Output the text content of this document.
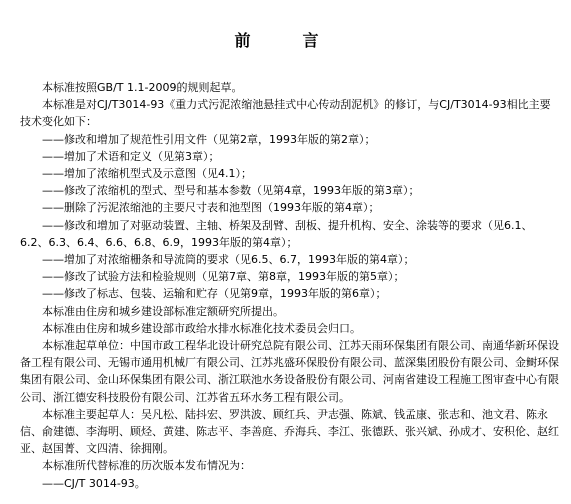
前　言

本标准按照GB/T 1.1-2009的规则起草。

本标准是对CJ/T3014-93《重力式污泥浓缩池悬挂式中心传动刮泥机》的修订，与CJ/T3014-93相比主要技术变化如下：

——修改和增加了规范性引用文件（见第2章，1993年版的第2章）；

——增加了术语和定义（见第3章）；

——增加了浓缩机型式及示意图（见4.1）；

——修改了浓缩机的型式、型号和基本参数（见第4章，1993年版的第3章）；

——删除了污泥浓缩池的主要尺寸表和池型图（1993年版的第4章）；

——修改和增加了对驱动装置、主轴、桥架及刮臂、刮板、提升机构、安全、涂装等的要求（见6.1、6.2、6.3、6.4、6.6、6.8、6.9，1993年版的第4章）；

——增加了对浓缩栅条和导流筒的要求（见6.5、6.7，1993年版的第4章）；

——修改了试验方法和检验规则（见第7章、第8章，1993年版的第5章）；

——修改了标志、包装、运输和贮存（见第9章，1993年版的第6章）；

本标准由住房和城乡建设部标准定额研究所提出。

本标准由住房和城乡建设部市政给水排水标准化技术委员会归口。

本标准起草单位：中国市政工程华北设计研究总院有限公司、江苏天雨环保集团有限公司、南通华新环保设备工程有限公司、无锡市通用机械厂有限公司、江苏兆盛环保股份有限公司、蓝深集团股份有限公司、金鲥环保集团有限公司、金山环保集团有限公司、浙江联池水务设备股份有限公司、河南省建设工程施工图审查中心有限公司、浙江德安科技股份有限公司、江苏省五环水务工程有限公司。

本标准主要起草人：吴凡松、陆抖宏、罗洪波、顾红兵、尹志强、陈斌、钱孟康、张志和、池文君、陈永信、俞建德、李海明、顾烃、黄建、陈志平、李善庭、乔海兵、李江、张德跃、张兴斌、孙成才、安积伦、赵红亚、赵国菁、文四清、徐拥刚。

本标准所代替标准的历次版本发布情况为：

——CJ/T 3014-93。
